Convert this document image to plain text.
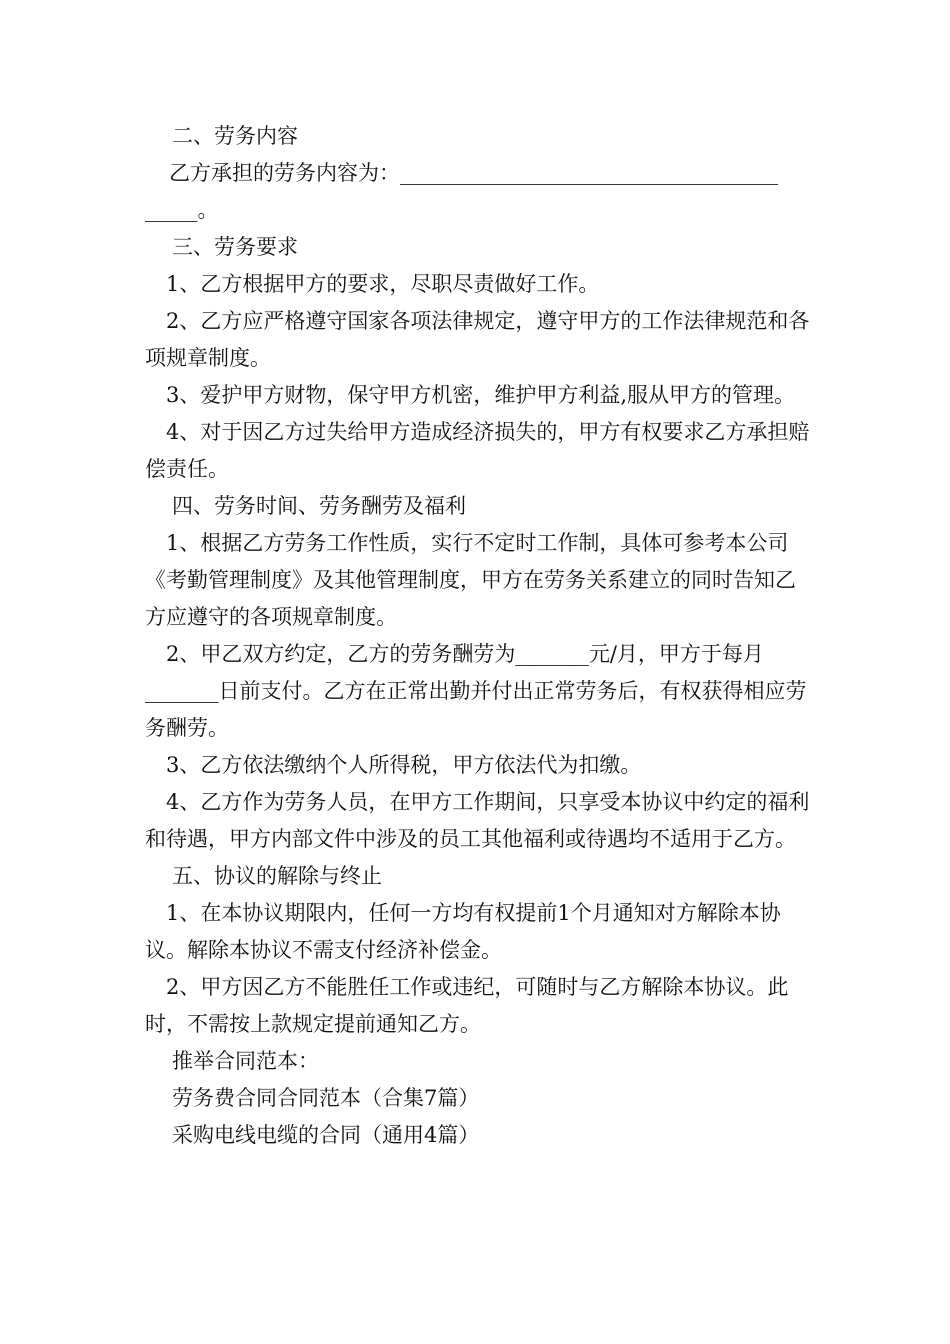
二、劳务内容

乙方承担的劳务内容为：____________________________________

_____。

三、劳务要求

1、乙方根据甲方的要求，尽职尽责做好工作。

2、乙方应严格遵守国家各项法律规定，遵守甲方的工作法律规范和各项规章制度。

3、爱护甲方财物，保守甲方机密，维护甲方利益,服从甲方的管理。

4、对于因乙方过失给甲方造成经济损失的，甲方有权要求乙方承担赔偿责任。

四、劳务时间、劳务酬劳及福利

1、根据乙方劳务工作性质，实行不定时工作制，具体可参考本公司《考勤管理制度》及其他管理制度，甲方在劳务关系建立的同时告知乙方应遵守的各项规章制度。

2、甲乙双方约定，乙方的劳务酬劳为_______元/月，甲方于每月_______日前支付。乙方在正常出勤并付出正常劳务后，有权获得相应劳务酬劳。

3、乙方依法缴纳个人所得税，甲方依法代为扣缴。

4、乙方作为劳务人员，在甲方工作期间，只享受本协议中约定的福利和待遇，甲方内部文件中涉及的员工其他福利或待遇均不适用于乙方。

五、协议的解除与终止

1、在本协议期限内，任何一方均有权提前1个月通知对方解除本协议。解除本协议不需支付经济补偿金。

2、甲方因乙方不能胜任工作或违纪，可随时与乙方解除本协议。此时，不需按上款规定提前通知乙方。

推举合同范本：

劳务费合同合同范本（合集7篇）

采购电线电缆的合同（通用4篇）
